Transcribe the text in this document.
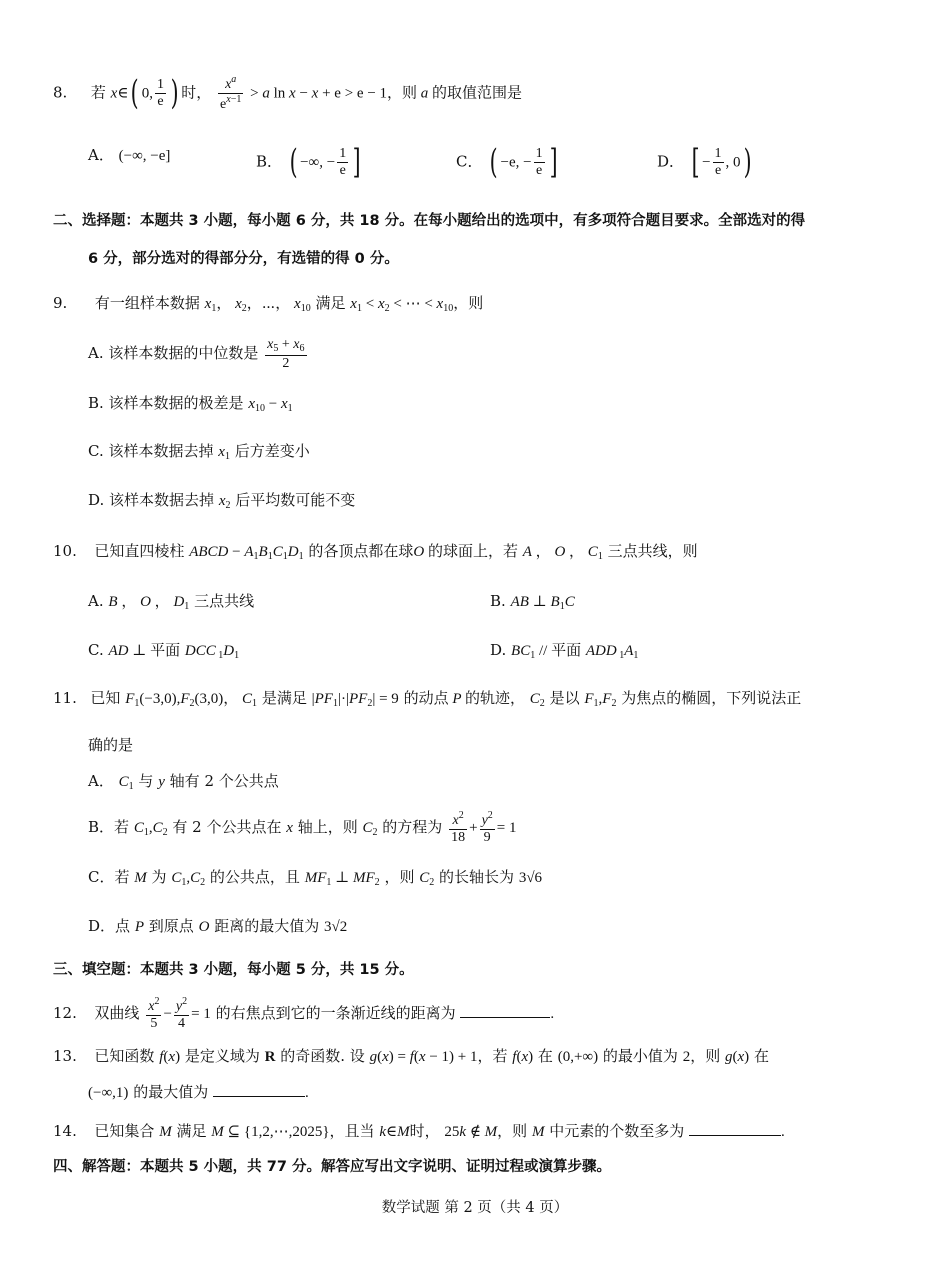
8. 若 x∈( 0, $\frac{1}{e}$ ) 时， $\frac{x^a}{e^{x-1}} > a$ ln x − x + e > e − 1，则 a 的取值范围是
A． (−∞, −e]	B． ( −∞, − $\frac{1}{e}$ ]	C． ( −e, − $\frac{1}{e}$ ]	D． [ − $\frac{1}{e}$ , 0)
二、选择题：本题共 3 小题，每小题 6 分，共 18 分。在每小题给出的选项中，有多项符合题目要求。全部选对的得
6 分，部分选对的得部分分，有选错的得 0 分。
9. 有一组样本数据 $x_1$， $x_2$，⋯， $x_{10}$ 满足 $x_1 < x_2$ < ⋯ < $x_{10}$，则
A. 该样本数据的中位数是 $\frac{x_5 + x_6}{2}$
B. 该样本数据的极差是 $x_{10} - x_1$
C. 该样本数据去掉 $x_1$ 后方差变小
D. 该样本数据去掉 $x_2$ 后平均数可能不变
10. 已知直四棱柱 ABCD − $A_1B_1C_1D_1$ 的各顶点都在球O 的球面上，若 A ， O ， $C_1$ 三点共线，则
A. B ， O ， $D_1$ 三点共线	B. AB ⊥ $B_1C$
C. AD ⊥ 平面 DCC $_1D_1$	D. $BC_1$ // 平面 ADD $_1A_1$
11. 已知 $F_1(-3,0),F_2(3,0)$， $C_1$ 是满足 $|PF_1|\cdot|PF_2| = 9$ 的动点 P 的轨迹， $C_2$ 是以 $F_1,F_2$ 为焦点的椭圆，下列说法正
确的是
A． $C_1$ 与 y 轴有 2 个公共点
B．若 $C_1,C_2$ 有 2 个公共点在 x 轴上，则 $C_2$ 的方程为 $\frac{x^2}{18} + \frac{y^2}{9} = 1$
C．若 M 为 $C_1,C_2$ 的公共点，且 $MF_1$ ⊥ $MF_2$ ，则 $C_2$ 的长轴长为 3√6
D．点 P 到原点 O 距离的最大值为 3√2
三、填空题：本题共 3 小题，每小题 5 分，共 15 分。
12. 双曲线 $\frac{x^2}{5} - \frac{y^2}{4} = 1$ 的右焦点到它的一条渐近线的距离为	.
13. 已知函数 f(x) 是定义域为 R 的奇函数. 设 g(x) = f(x − 1) + 1，若 f(x) 在 (0,+∞) 的最小值为 2，则 g(x) 在
(−∞,1) 的最大值为	.
14. 已知集合 M 满足 M ⊆ {1,2,⋯,2025}，且当 k∈M时， 25k ∉ M，则 M 中元素的个数至多为	.
四、解答题：本题共 5 小题，共 77 分。解答应写出文字说明、证明过程或演算步骤。
数学试题 第 2 页（共 4 页）
